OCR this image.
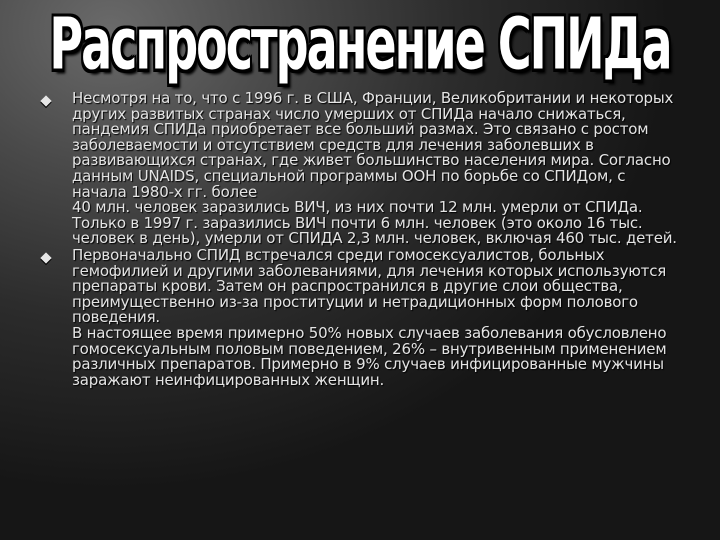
Распространение СПИДа
Несмотря на то, что с 1996 г. в США, Франции, Великобритании и некоторых других развитых странах число умерших от СПИДа начало снижаться, пандемия СПИДа приобретает все больший размах. Это связано с ростом заболеваемости и отсутствием средств для лечения заболевших в развивающихся странах, где живет большинство населения мира. Согласно данным UNAIDS, специальной программы ООН по борьбе со СПИДом, с начала 1980-х гг. более
40 млн. человек заразились ВИЧ, из них почти 12 млн. умерли от СПИДа.
Только в 1997 г. заразились ВИЧ почти 6 млн. человек (это около 16 тыс. человек в день), умерли от СПИДА 2,3 млн. человек, включая 460 тыс. детей.
Первоначально СПИД встречался среди гомосексуалистов, больных гемофилией и другими заболеваниями, для лечения которых используются препараты крови. Затем он распространился в другие слои общества, преимущественно из-за проституции и нетрадиционных форм полового поведения.
В настоящее время примерно 50% новых случаев заболевания обусловлено гомосексуальным половым поведением, 26% – внутривенным применением различных препаратов. Примерно в 9% случаев инфицированные мужчины заражают неинфицированных женщин.
